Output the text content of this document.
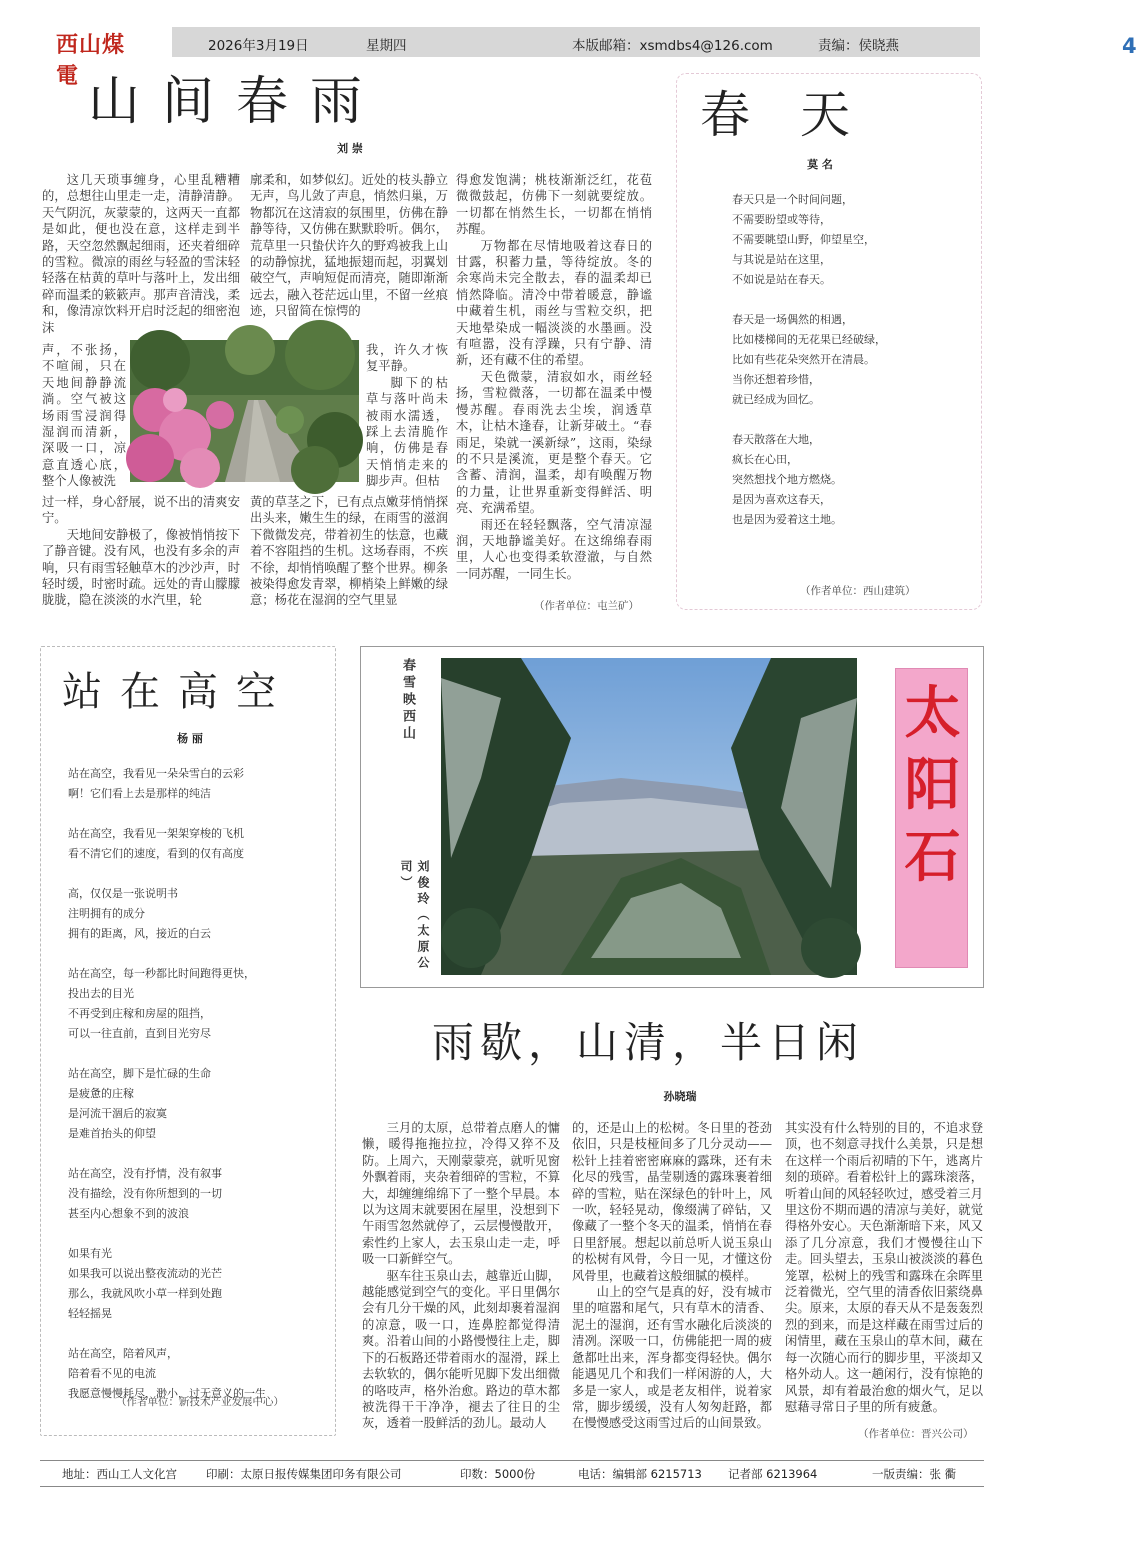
西山煤電
2026年3月19日	星期四	本版邮箱：xsmdbs4@126.com	责编：侯晓燕	4
山间春雨
刘 崇

这几天琐事缠身，心里乱糟糟的，总想往山里走一走，清静清静。天气阴沉，灰蒙蒙的，这两天一直都是如此，便也没在意，这样走到半路，天空忽然飘起细雨，还夹着细碎的雪粒。微凉的雨丝与轻盈的雪沫轻轻落在枯黄的草叶与落叶上，发出细碎而温柔的簌簌声。那声音清浅，柔和，像清凉饮料开启时泛起的细密泡沫

声，不张扬，不喧闹，只在天地间静静流淌。空气被这场雨雪浸润得湿润而清新，深吸一口，凉意直透心底，整个人像被洗

过一样，身心舒展，说不出的清爽安宁。

天地间安静极了，像被悄悄按下了静音键。没有风，也没有多余的声响，只有雨雪轻触草木的沙沙声，时轻时缓，时密时疏。远处的青山朦朦胧胧，隐在淡淡的水汽里，轮

廓柔和，如梦似幻。近处的枝头静立无声，鸟儿敛了声息，悄然归巢，万物都沉在这清寂的氛围里，仿佛在静静等待，又仿佛在默默聆听。偶尔，荒草里一只蛰伏许久的野鸡被我上山的动静惊扰，猛地振翅而起，羽翼划破空气，声响短促而清亮，随即渐渐远去，融入苍茫远山里，不留一丝痕迹，只留简在惊愕的

我，许久才恢复平静。

脚下的枯草与落叶尚未被雨水濡透，踩上去清脆作响，仿佛是春天悄悄走来的脚步声。但枯

黄的草茎之下，已有点点嫩芽悄悄探出头来，嫩生生的绿，在雨雪的滋润下微微发亮，带着初生的怯意，也藏着不容阻挡的生机。这场春雨，不疾不徐，却悄悄唤醒了整个世界。柳条被染得愈发青翠，柳梢染上鲜嫩的绿意；杨花在湿润的空气里显

得愈发饱满；桃枝渐渐泛红，花苞微微鼓起，仿佛下一刻就要绽放。一切都在悄然生长，一切都在悄悄苏醒。

万物都在尽情地吸着这春日的甘露，积蓄力量，等待绽放。冬的余寒尚未完全散去，春的温柔却已悄然降临。清冷中带着暖意，静谧中藏着生机，雨丝与雪粒交织，把天地晕染成一幅淡淡的水墨画。没有喧嚣，没有浮躁，只有宁静、清新，还有藏不住的希望。

天色微蒙，清寂如水，雨丝轻扬，雪粒微落，一切都在温柔中慢慢苏醒。春雨洗去尘埃，润透草木，让枯木逢春，让新芽破土。“春雨足，染就一溪新绿”，这雨，染绿的不只是溪流，更是整个春天。它含蓄、清润，温柔，却有唤醒万物的力量，让世界重新变得鲜活、明亮、充满希望。

雨还在轻轻飘落，空气清凉湿润，天地静谧美好。在这绵绵春雨里，人心也变得柔软澄澈，与自然一同苏醒，一同生长。

（作者单位：屯兰矿）
春天
莫 名
春天只是一个时间问题，
不需要盼望或等待，
不需要眺望山野，仰望星空，
与其说是站在这里，
不如说是站在春天。

春天是一场偶然的相遇，
比如楼梯间的无花果已经破绿，
比如有些花朵突然开在清晨。
当你还想着珍惜，
就已经成为回忆。

春天散落在大地，
疯长在心田，
突然想找个地方燃烧。
是因为喜欢这春天，
也是因为爱着这土地。
（作者单位：西山建筑）
站在高空
杨 丽
站在高空，我看见一朵朵雪白的云彩
啊！它们看上去是那样的纯洁

站在高空，我看见一架架穿梭的飞机
看不清它们的速度，看到的仅有高度

高，仅仅是一张说明书
注明拥有的成分
拥有的距离，风，接近的白云

站在高空，每一秒都比时间跑得更快，
投出去的目光
不再受到庄稼和房屋的阻挡，
可以一往直前，直到目光穷尽

站在高空，脚下是忙碌的生命
是疲惫的庄稼
是河流干涸后的寂寞
是难首抬头的仰望

站在高空，没有抒情，没有叙事
没有描绘，没有你所想到的一切
甚至内心想象不到的波浪

如果有光
如果我可以说出整夜流动的光芒
那么，我就风吹小草一样到处跑
轻轻摇晃

站在高空，陪着风声，
陪着看不见的电流
我愿意慢慢耗尽，渺小，过无意义的一生
（作者单位：新技术产业发展中心）
春雪映西山
刘俊玲（太原公司）
太
阳
石
雨歇，山清，半日闲
孙晓瑞

三月的太原，总带着点磨人的慵懒，暖得拖拖拉拉，冷得又猝不及防。上周六，天刚蒙蒙亮，就听见窗外飘着雨，夹杂着细碎的雪粒，不算大，却缠缠绵绵下了一整个早晨。本以为这周末就要困在屋里，没想到下午雨雪忽然就停了，云层慢慢散开，索性约上家人，去玉泉山走一走，呼吸一口新鲜空气。

驱车往玉泉山去，越靠近山脚，越能感觉到空气的变化。平日里偶尔会有几分干燥的风，此刻却裹着湿润的凉意，吸一口，连鼻腔都觉得清爽。沿着山间的小路慢慢往上走，脚下的石板路还带着雨水的湿滑，踩上去软软的，偶尔能听见脚下发出细微的咯吱声，格外治愈。路边的草木都被洗得干干净净，褪去了往日的尘灰，透着一股鲜活的劲儿。最动人

的，还是山上的松树。冬日里的苍劲依旧，只是枝桠间多了几分灵动——松针上挂着密密麻麻的露珠，还有未化尽的残雪，晶莹剔透的露珠裹着细碎的雪粒，贴在深绿色的针叶上，风一吹，轻轻晃动，像缀满了碎钻，又像藏了一整个冬天的温柔，悄悄在春日里舒展。想起以前总听人说玉泉山的松树有风骨，今日一见，才懂这份风骨里，也藏着这般细腻的模样。

山上的空气是真的好，没有城市里的喧嚣和尾气，只有草木的清香、泥土的湿润，还有雪水融化后淡淡的清冽。深吸一口，仿佛能把一周的疲惫都吐出来，浑身都变得轻快。偶尔能遇见几个和我们一样闲游的人，大多是一家人，或是老友相伴，说着家常，脚步缓缓，没有人匆匆赶路，都在慢慢感受这雨雪过后的山间景致。

其实没有什么特别的目的，不追求登顶，也不刻意寻找什么美景，只是想在这样一个雨后初晴的下午，逃离片刻的琐碎。看着松针上的露珠滚落，听着山间的风轻轻吹过，感受着三月里这份不期而遇的清凉与美好，就觉得格外安心。天色渐渐暗下来，风又添了几分凉意，我们才慢慢往山下走。回头望去，玉泉山被淡淡的暮色笼罩，松树上的残雪和露珠在余晖里泛着微光，空气里的清香依旧萦绕鼻尖。原来，太原的春天从不是轰轰烈烈的到来，而是这样藏在雨雪过后的闲情里，藏在玉泉山的草木间，藏在每一次随心而行的脚步里，平淡却又格外动人。这一趟闲行，没有惊艳的风景，却有着最治愈的烟火气，足以慰藉寻常日子里的所有疲惫。

（作者单位：晋兴公司）
地址：西山工人文化宫	印刷：太原日报传媒集团印务有限公司	印数：5000份	电话：编辑部 6215713 记者部 6213964	一版责编：张 衢
